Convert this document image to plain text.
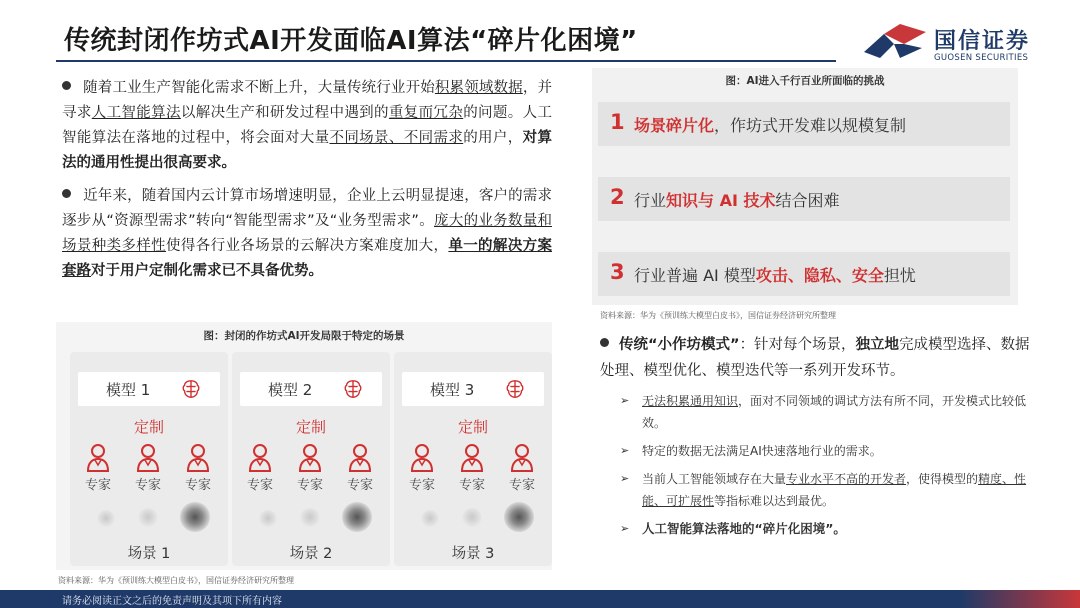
传统封闭作坊式AI开发面临AI算法“碎片化困境”	国信证券
GUOSEN SECURITIES

随着工业生产智能化需求不断上升，大量传统行业开始积累领域数据，并寻求人工智能算法以解决生产和研发过程中遇到的重复而冗杂的问题。人工智能算法在落地的过程中，将会面对大量不同场景、不同需求的用户，对算法的通用性提出很高要求。

近年来，随着国内云计算市场增速明显，企业上云明显提速，客户的需求逐步从“资源型需求”转向“智能型需求”及“业务型需求”。庞大的业务数量和场景种类多样性使得各行业各场景的云解决方案难度加大，单一的解决方案套路对于用户定制化需求已不具备优势。

图：AI进入千行百业所面临的挑战
1 场景碎片化，作坊式开发难以规模复制
2 行业知识与 AI 技术结合困难
3 行业普遍 AI 模型攻击、隐私、安全担忧
资料来源：华为《预训练大模型白皮书》，国信证券经济研究所整理
图：封闭的作坊式AI开发局限于特定的场景
模型 1
定制
专家	专家	专家
场景 1
模型 2
定制
专家	专家	专家
场景 2
模型 3
定制
专家	专家	专家
场景 3
资料来源：华为《预训练大模型白皮书》，国信证券经济研究所整理

传统“小作坊模式”：针对每个场景，独立地完成模型选择、数据处理、模型优化、模型迭代等一系列开发环节。

➢ 无法积累通用知识，面对不同领域的调试方法有所不同，开发模式比较低效。

➢ 特定的数据无法满足AI快速落地行业的需求。

➢ 当前人工智能领域存在大量专业水平不高的开发者，使得模型的精度、性能、可扩展性等指标难以达到最优。

➢ 人工智能算法落地的“碎片化困境”。

请务必阅读正文之后的免责声明及其项下所有内容
